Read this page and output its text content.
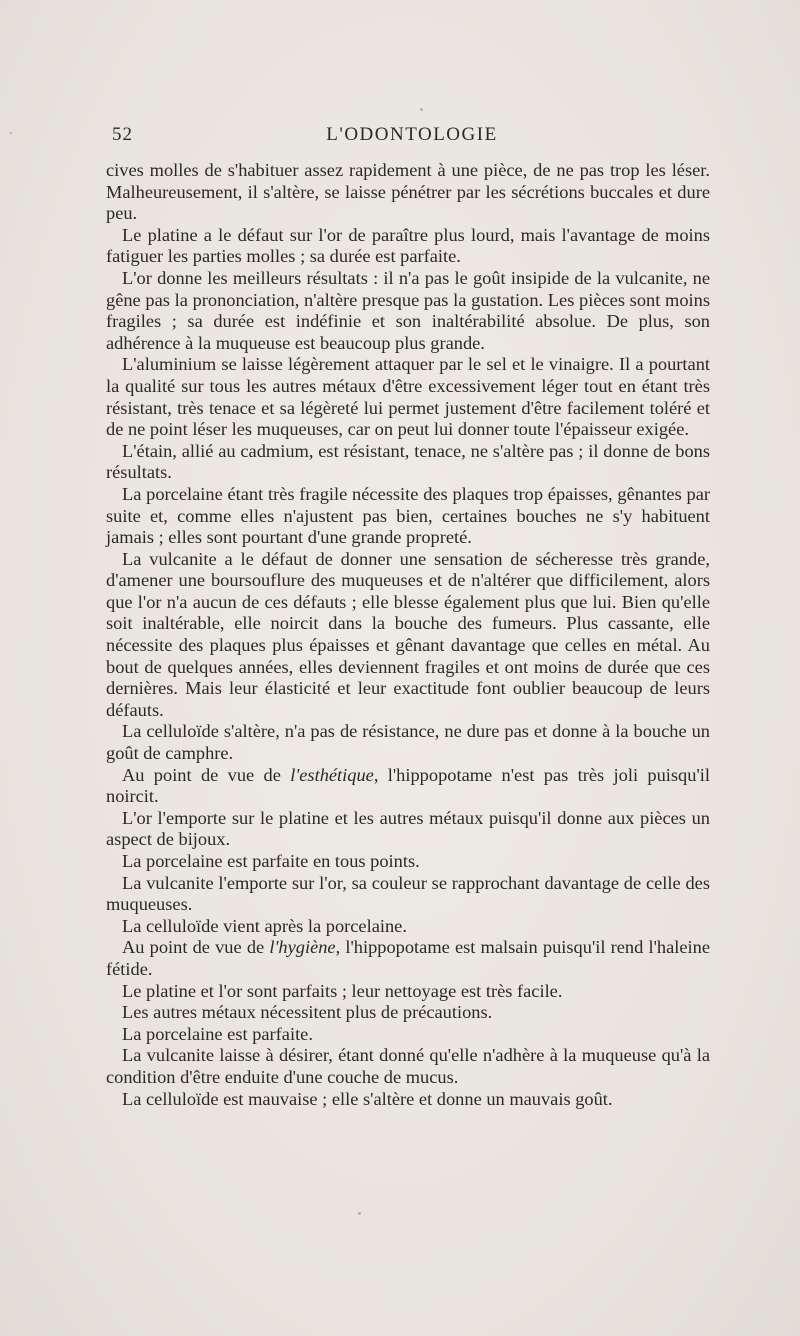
52	L'ODONTOLOGIE

cives molles de s'habituer assez rapidement à une pièce, de ne pas trop les léser. Malheureusement, il s'altère, se laisse pénétrer par les sécrétions buccales et dure peu.

Le platine a le défaut sur l'or de paraître plus lourd, mais l'avantage de moins fatiguer les parties molles ; sa durée est parfaite.

L'or donne les meilleurs résultats : il n'a pas le goût insipide de la vulcanite, ne gêne pas la prononciation, n'altère presque pas la gustation. Les pièces sont moins fragiles ; sa durée est indéfinie et son inaltérabilité absolue. De plus, son adhérence à la muqueuse est beaucoup plus grande.

L'aluminium se laisse légèrement attaquer par le sel et le vinaigre. Il a pourtant la qualité sur tous les autres métaux d'être excessivement léger tout en étant très résistant, très tenace et sa légèreté lui permet justement d'être facilement toléré et de ne point léser les muqueuses, car on peut lui donner toute l'épaisseur exigée.

L'étain, allié au cadmium, est résistant, tenace, ne s'altère pas ; il donne de bons résultats.

La porcelaine étant très fragile nécessite des plaques trop épaisses, gênantes par suite et, comme elles n'ajustent pas bien, certaines bouches ne s'y habituent jamais ; elles sont pourtant d'une grande propreté.

La vulcanite a le défaut de donner une sensation de sécheresse très grande, d'amener une boursouflure des muqueuses et de n'altérer que difficilement, alors que l'or n'a aucun de ces défauts ; elle blesse également plus que lui. Bien qu'elle soit inaltérable, elle noircit dans la bouche des fumeurs. Plus cassante, elle nécessite des plaques plus épaisses et gênant davantage que celles en métal. Au bout de quelques années, elles deviennent fragiles et ont moins de durée que ces dernières. Mais leur élasticité et leur exactitude font oublier beaucoup de leurs défauts.

La celluloïde s'altère, n'a pas de résistance, ne dure pas et donne à la bouche un goût de camphre.

Au point de vue de l'esthétique, l'hippopotame n'est pas très joli puisqu'il noircit.

L'or l'emporte sur le platine et les autres métaux puisqu'il donne aux pièces un aspect de bijoux.

La porcelaine est parfaite en tous points.

La vulcanite l'emporte sur l'or, sa couleur se rapprochant davantage de celle des muqueuses.

La celluloïde vient après la porcelaine.

Au point de vue de l'hygiène, l'hippopotame est malsain puisqu'il rend l'haleine fétide.

Le platine et l'or sont parfaits ; leur nettoyage est très facile.

Les autres métaux nécessitent plus de précautions.

La porcelaine est parfaite.

La vulcanite laisse à désirer, étant donné qu'elle n'adhère à la muqueuse qu'à la condition d'être enduite d'une couche de mucus.

La celluloïde est mauvaise ; elle s'altère et donne un mauvais goût.
